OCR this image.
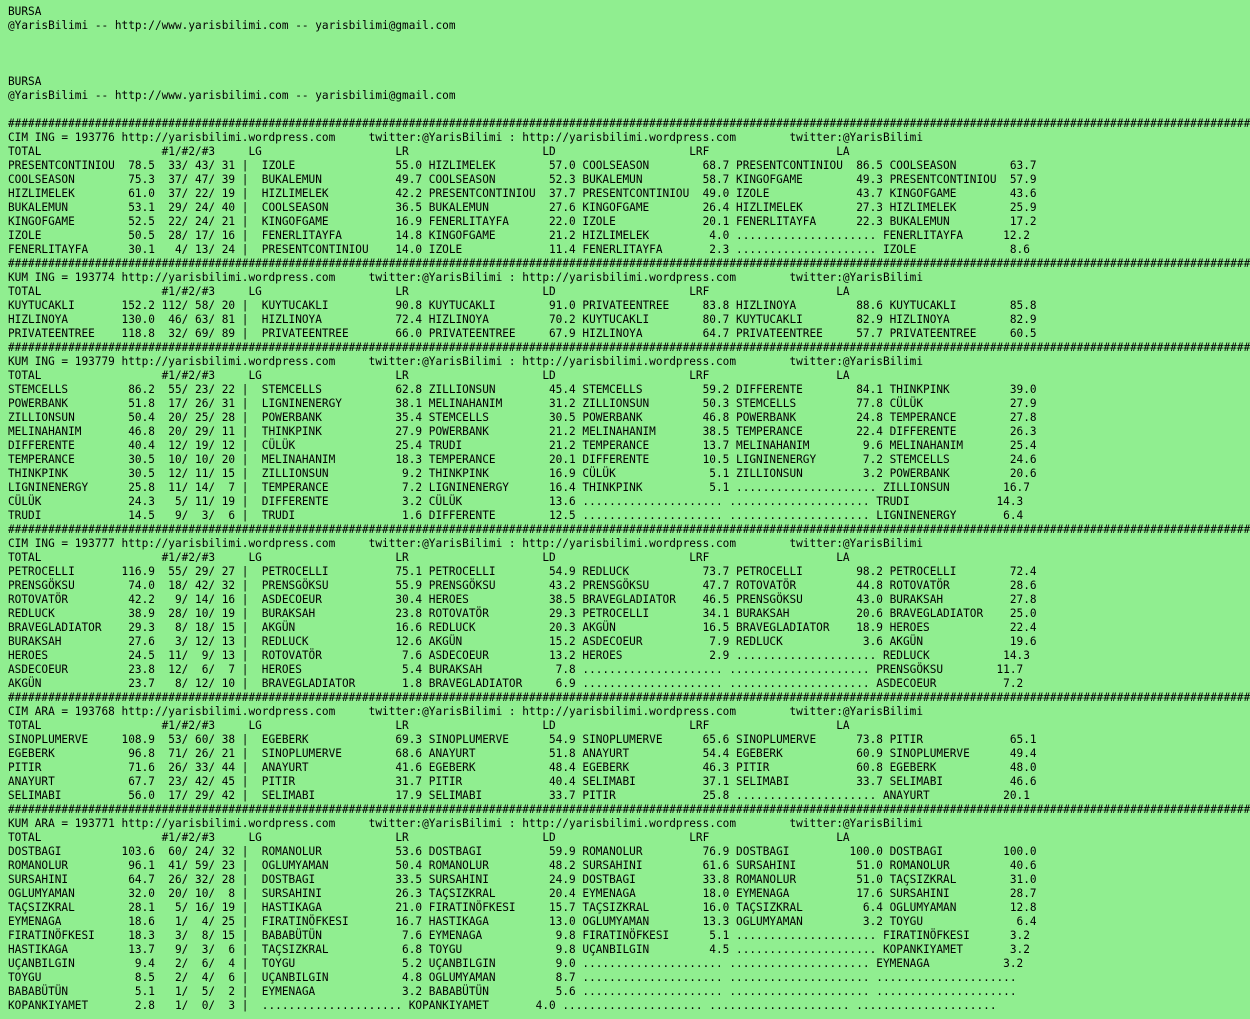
BURSA
@YarisBilimi -- http://www.yarisbilimi.com -- yarisbilimi@gmail.com
BURSA
@YarisBilimi -- http://www.yarisbilimi.com -- yarisbilimi@gmail.com
##########################################################################################################################################################################################
CIM ING = 193776 http://yarisbilimi.wordpress.com     twitter:@YarisBilimi : http://yarisbilimi.wordpress.com        twitter:@YarisBilimi
TOTAL                  #1/#2/#3     LG                    LR                    LD                    LRF                   LA
PRESENTCONTINIOU  78.5  33/ 43/ 31 |  IZOLE               55.0 HIZLIMELEK        57.0 COOLSEASON        68.7 PRESENTCONTINIOU  86.5 COOLSEASON        63.7
COOLSEASON        75.3  37/ 47/ 39 |  BUKALEMUN           49.7 COOLSEASON        52.3 BUKALEMUN         58.7 KINGOFGAME        49.3 PRESENTCONTINIOU  57.9
HIZLIMELEK        61.0  37/ 22/ 19 |  HIZLIMELEK          42.2 PRESENTCONTINIOU  37.7 PRESENTCONTINIOU  49.0 IZOLE             43.7 KINGOFGAME        43.6
BUKALEMUN         53.1  29/ 24/ 40 |  COOLSEASON          36.5 BUKALEMUN         27.6 KINGOFGAME        26.4 HIZLIMELEK        27.3 HIZLIMELEK        25.9
KINGOFGAME        52.5  22/ 24/ 21 |  KINGOFGAME          16.9 FENERLITAYFA      22.0 IZOLE             20.1 FENERLITAYFA      22.3 BUKALEMUN         17.2
IZOLE             50.5  28/ 17/ 16 |  FENERLITAYFA        14.8 KINGOFGAME        21.2 HIZLIMELEK         4.0 ..................... FENERLITAYFA      12.2
FENERLITAYFA      30.1   4/ 13/ 24 |  PRESENTCONTINIOU    14.0 IZOLE             11.4 FENERLITAYFA       2.3 ..................... IZOLE              8.6
##########################################################################################################################################################################################
KUM ING = 193774 http://yarisbilimi.wordpress.com     twitter:@YarisBilimi : http://yarisbilimi.wordpress.com        twitter:@YarisBilimi
TOTAL                  #1/#2/#3     LG                    LR                    LD                    LRF                   LA
KUYTUCAKLI       152.2 112/ 58/ 20 |  KUYTUCAKLI          90.8 KUYTUCAKLI        91.0 PRIVATEENTREE     83.8 HIZLINOYA         88.6 KUYTUCAKLI        85.8
HIZLINOYA        130.0  46/ 63/ 81 |  HIZLINOYA           72.4 HIZLINOYA         70.2 KUYTUCAKLI        80.7 KUYTUCAKLI        82.9 HIZLINOYA         82.9
PRIVATEENTREE    118.8  32/ 69/ 89 |  PRIVATEENTREE       66.0 PRIVATEENTREE     67.9 HIZLINOYA         64.7 PRIVATEENTREE     57.7 PRIVATEENTREE     60.5
##########################################################################################################################################################################################
KUM ING = 193779 http://yarisbilimi.wordpress.com     twitter:@YarisBilimi : http://yarisbilimi.wordpress.com        twitter:@YarisBilimi
TOTAL                  #1/#2/#3     LG                    LR                    LD                    LRF                   LA
STEMCELLS         86.2  55/ 23/ 22 |  STEMCELLS           62.8 ZILLIONSUN        45.4 STEMCELLS         59.2 DIFFERENTE        84.1 THINKPINK         39.0
POWERBANK         51.8  17/ 26/ 31 |  LIGNINENERGY        38.1 MELINAHANIM       31.2 ZILLIONSUN        50.3 STEMCELLS         77.8 CÜLÜK             27.9
ZILLIONSUN        50.4  20/ 25/ 28 |  POWERBANK           35.4 STEMCELLS         30.5 POWERBANK         46.8 POWERBANK         24.8 TEMPERANCE        27.8
MELINAHANIM       46.8  20/ 29/ 11 |  THINKPINK           27.9 POWERBANK         21.2 MELINAHANIM       38.5 TEMPERANCE        22.4 DIFFERENTE        26.3
DIFFERENTE        40.4  12/ 19/ 12 |  CÜLÜK               25.4 TRUDI             21.2 TEMPERANCE        13.7 MELINAHANIM        9.6 MELINAHANIM       25.4
TEMPERANCE        30.5  10/ 10/ 20 |  MELINAHANIM         18.3 TEMPERANCE        20.1 DIFFERENTE        10.5 LIGNINENERGY       7.2 STEMCELLS         24.6
THINKPINK         30.5  12/ 11/ 15 |  ZILLIONSUN           9.2 THINKPINK         16.9 CÜLÜK              5.1 ZILLIONSUN         3.2 POWERBANK         20.6
LIGNINENERGY      25.8  11/ 14/  7 |  TEMPERANCE           7.2 LIGNINENERGY      16.4 THINKPINK          5.1 ..................... ZILLIONSUN        16.7
CÜLÜK             24.3   5/ 11/ 19 |  DIFFERENTE           3.2 CÜLÜK             13.6 ..................... ..................... TRUDI             14.3
TRUDI             14.5   9/  3/  6 |  TRUDI                1.6 DIFFERENTE        12.5 ..................... ..................... LIGNINENERGY       6.4
##########################################################################################################################################################################################
CIM ING = 193777 http://yarisbilimi.wordpress.com     twitter:@YarisBilimi : http://yarisbilimi.wordpress.com        twitter:@YarisBilimi
TOTAL                  #1/#2/#3     LG                    LR                    LD                    LRF                   LA
PETROCELLI       116.9  55/ 29/ 27 |  PETROCELLI          75.1 PETROCELLI        54.9 REDLUCK           73.7 PETROCELLI        98.2 PETROCELLI        72.4
PRENSGÖKSU        74.0  18/ 42/ 32 |  PRENSGÖKSU          55.9 PRENSGÖKSU        43.2 PRENSGÖKSU        47.7 ROTOVATÖR         44.8 ROTOVATÖR         28.6
ROTOVATÖR         42.2   9/ 14/ 16 |  ASDECOEUR           30.4 HEROES            38.5 BRAVEGLADIATOR    46.5 PRENSGÖKSU        43.0 BURAKSAH          27.8
REDLUCK           38.9  28/ 10/ 19 |  BURAKSAH            23.8 ROTOVATÖR         29.3 PETROCELLI        34.1 BURAKSAH          20.6 BRAVEGLADIATOR    25.0
BRAVEGLADIATOR    29.3   8/ 18/ 15 |  AKGÜN               16.6 REDLUCK           20.3 AKGÜN             16.5 BRAVEGLADIATOR    18.9 HEROES            22.4
BURAKSAH          27.6   3/ 12/ 13 |  REDLUCK             12.6 AKGÜN             15.2 ASDECOEUR          7.9 REDLUCK            3.6 AKGÜN             19.6
HEROES            24.5  11/  9/ 13 |  ROTOVATÖR            7.6 ASDECOEUR         13.2 HEROES             2.9 ..................... REDLUCK           14.3
ASDECOEUR         23.8  12/  6/  7 |  HEROES               5.4 BURAKSAH           7.8 ..................... ..................... PRENSGÖKSU        11.7
AKGÜN             23.7   8/ 12/ 10 |  BRAVEGLADIATOR       1.8 BRAVEGLADIATOR     6.9 ..................... ..................... ASDECOEUR          7.2
##########################################################################################################################################################################################
CIM ARA = 193768 http://yarisbilimi.wordpress.com     twitter:@YarisBilimi : http://yarisbilimi.wordpress.com        twitter:@YarisBilimi
TOTAL                  #1/#2/#3     LG                    LR                    LD                    LRF                   LA
SINOPLUMERVE     108.9  53/ 60/ 38 |  EGEBERK             69.3 SINOPLUMERVE      54.9 SINOPLUMERVE      65.6 SINOPLUMERVE      73.8 PITIR             65.1
EGEBERK           96.8  71/ 26/ 21 |  SINOPLUMERVE        68.6 ANAYURT           51.8 ANAYURT           54.4 EGEBERK           60.9 SINOPLUMERVE      49.4
PITIR             71.6  26/ 33/ 44 |  ANAYURT             41.6 EGEBERK           48.4 EGEBERK           46.3 PITIR             60.8 EGEBERK           48.0
ANAYURT           67.7  23/ 42/ 45 |  PITIR               31.7 PITIR             40.4 SELIMABI          37.1 SELIMABI          33.7 SELIMABI          46.6
SELIMABI          56.0  17/ 29/ 42 |  SELIMABI            17.9 SELIMABI          33.7 PITIR             25.8 ..................... ANAYURT           20.1
##########################################################################################################################################################################################
KUM ARA = 193771 http://yarisbilimi.wordpress.com     twitter:@YarisBilimi : http://yarisbilimi.wordpress.com        twitter:@YarisBilimi
TOTAL                  #1/#2/#3     LG                    LR                    LD                    LRF                   LA
DOSTBAGI         103.6  60/ 24/ 32 |  ROMANOLUR           53.6 DOSTBAGI          59.9 ROMANOLUR         76.9 DOSTBAGI         100.0 DOSTBAGI         100.0
ROMANOLUR         96.1  41/ 59/ 23 |  OGLUMYAMAN          50.4 ROMANOLUR         48.2 SURSAHINI         61.6 SURSAHINI         51.0 ROMANOLUR         40.6
SURSAHINI         64.7  26/ 32/ 28 |  DOSTBAGI            33.5 SURSAHINI         24.9 DOSTBAGI          33.8 ROMANOLUR         51.0 TAÇSIZKRAL        31.0
OGLUMYAMAN        32.0  20/ 10/  8 |  SURSAHINI           26.3 TAÇSIZKRAL        20.4 EYMENAGA          18.0 EYMENAGA          17.6 SURSAHINI         28.7
TAÇSIZKRAL        28.1   5/ 16/ 19 |  HASTIKAGA           21.0 FIRATINÖFKESI     15.7 TAÇSIZKRAL        16.0 TAÇSIZKRAL         6.4 OGLUMYAMAN        12.8
EYMENAGA          18.6   1/  4/ 25 |  FIRATINÖFKESI       16.7 HASTIKAGA         13.0 OGLUMYAMAN        13.3 OGLUMYAMAN         3.2 TOYGU              6.4
FIRATINÖFKESI     18.3   3/  8/ 15 |  BABABÜTÜN            7.6 EYMENAGA           9.8 FIRATINÖFKESI      5.1 ..................... FIRATINÖFKESI      3.2
HASTIKAGA         13.7   9/  3/  6 |  TAÇSIZKRAL           6.8 TOYGU              9.8 UÇANBILGIN         4.5 ..................... KOPANKIYAMET       3.2
UÇANBILGIN         9.4   2/  6/  4 |  TOYGU                5.2 UÇANBILGIN         9.0 ..................... ..................... EYMENAGA           3.2
TOYGU              8.5   2/  4/  6 |  UÇANBILGIN           4.8 OGLUMYAMAN         8.7 ..................... ..................... .....................
BABABÜTÜN          5.1   1/  5/  2 |  EYMENAGA             3.2 BABABÜTÜN          5.6 ..................... ..................... .....................
KOPANKIYAMET       2.8   1/  0/  3 |  ..................... KOPANKIYAMET       4.0 ..................... ..................... .....................
